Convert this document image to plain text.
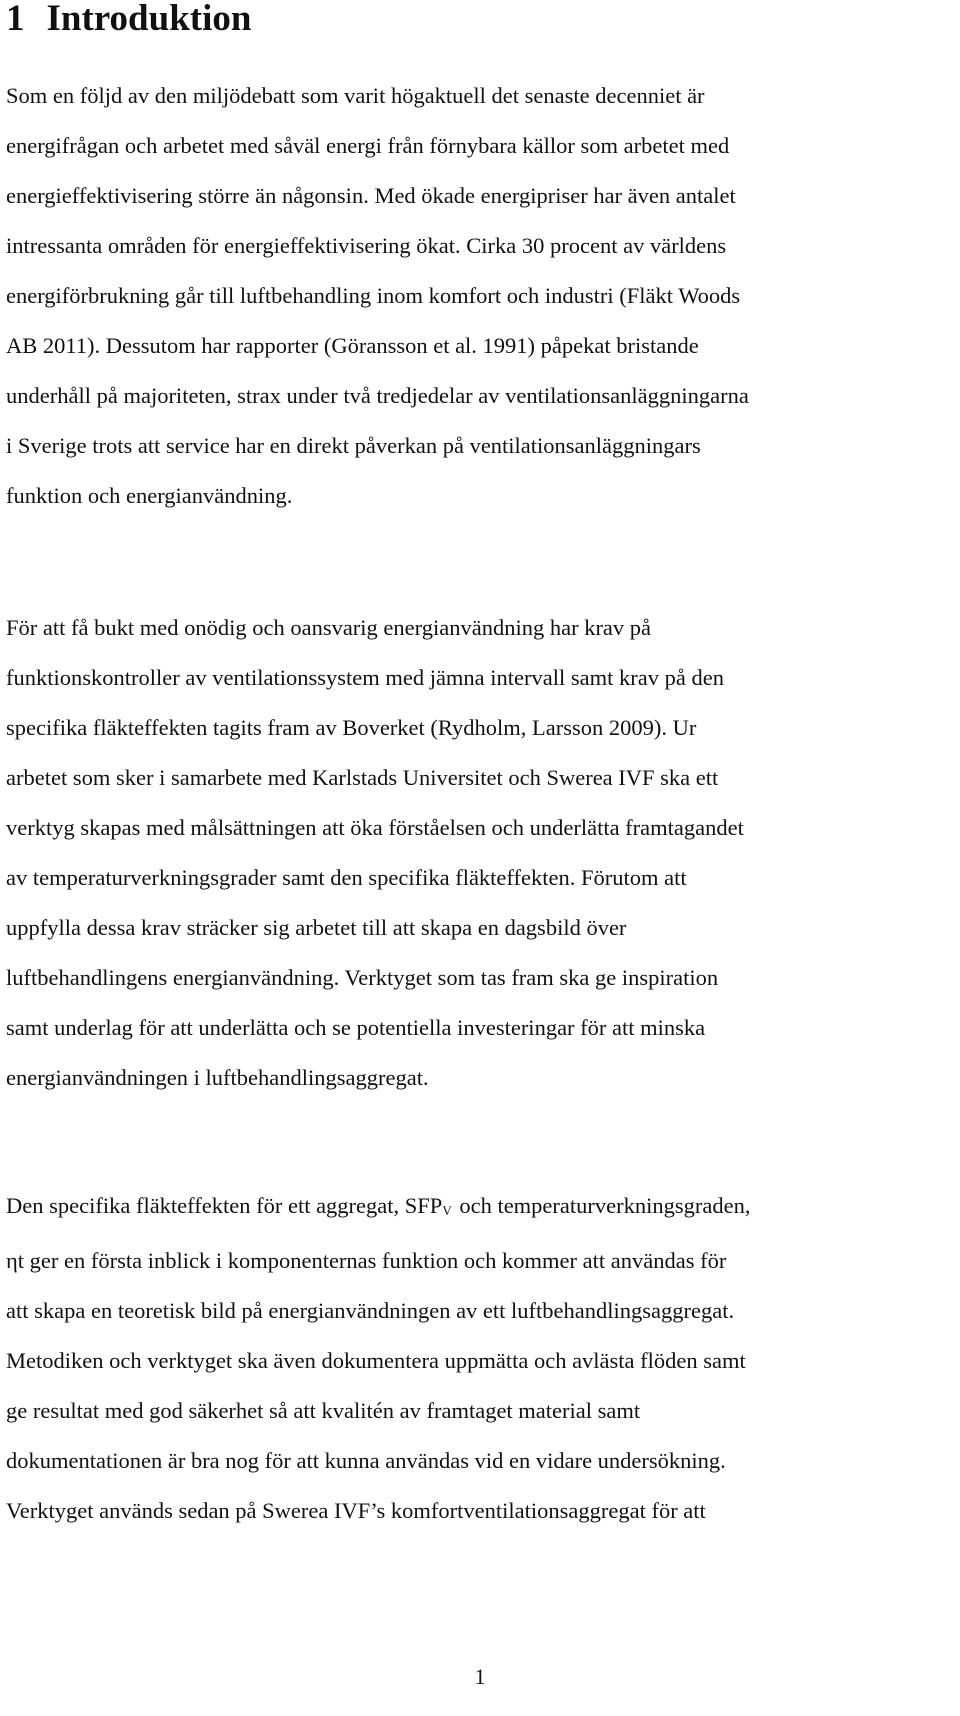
1 Introduktion

Som en följd av den miljödebatt som varit högaktuell det senaste decenniet är
energifrågan och arbetet med såväl energi från förnybara källor som arbetet med
energieffektivisering större än någonsin. Med ökade energipriser har även antalet
intressanta områden för energieffektivisering ökat. Cirka 30 procent av världens
energiförbrukning går till luftbehandling inom komfort och industri (Fläkt Woods
AB 2011). Dessutom har rapporter (Göransson et al. 1991) påpekat bristande
underhåll på majoriteten, strax under två tredjedelar av ventilationsanläggningarna
i Sverige trots att service har en direkt påverkan på ventilationsanläggningars
funktion och energianvändning.

För att få bukt med onödig och oansvarig energianvändning har krav på
funktionskontroller av ventilationssystem med jämna intervall samt krav på den
specifika fläkteffekten tagits fram av Boverket (Rydholm, Larsson 2009). Ur
arbetet som sker i samarbete med Karlstads Universitet och Swerea IVF ska ett
verktyg skapas med målsättningen att öka förståelsen och underlätta framtagandet
av temperaturverkningsgrader samt den specifika fläkteffekten. Förutom att
uppfylla dessa krav sträcker sig arbetet till att skapa en dagsbild över
luftbehandlingens energianvändning. Verktyget som tas fram ska ge inspiration
samt underlag för att underlätta och se potentiella investeringar för att minska
energianvändningen i luftbehandlingsaggregat.

Den specifika fläkteffekten för ett aggregat, SFPV och temperaturverkningsgraden,
ηt ger en första inblick i komponenternas funktion och kommer att användas för
att skapa en teoretisk bild på energianvändningen av ett luftbehandlingsaggregat.
Metodiken och verktyget ska även dokumentera uppmätta och avlästa flöden samt
ge resultat med god säkerhet så att kvalitén av framtaget material samt
dokumentationen är bra nog för att kunna användas vid en vidare undersökning.
Verktyget används sedan på Swerea IVF’s komfortventilationsaggregat för att

1
